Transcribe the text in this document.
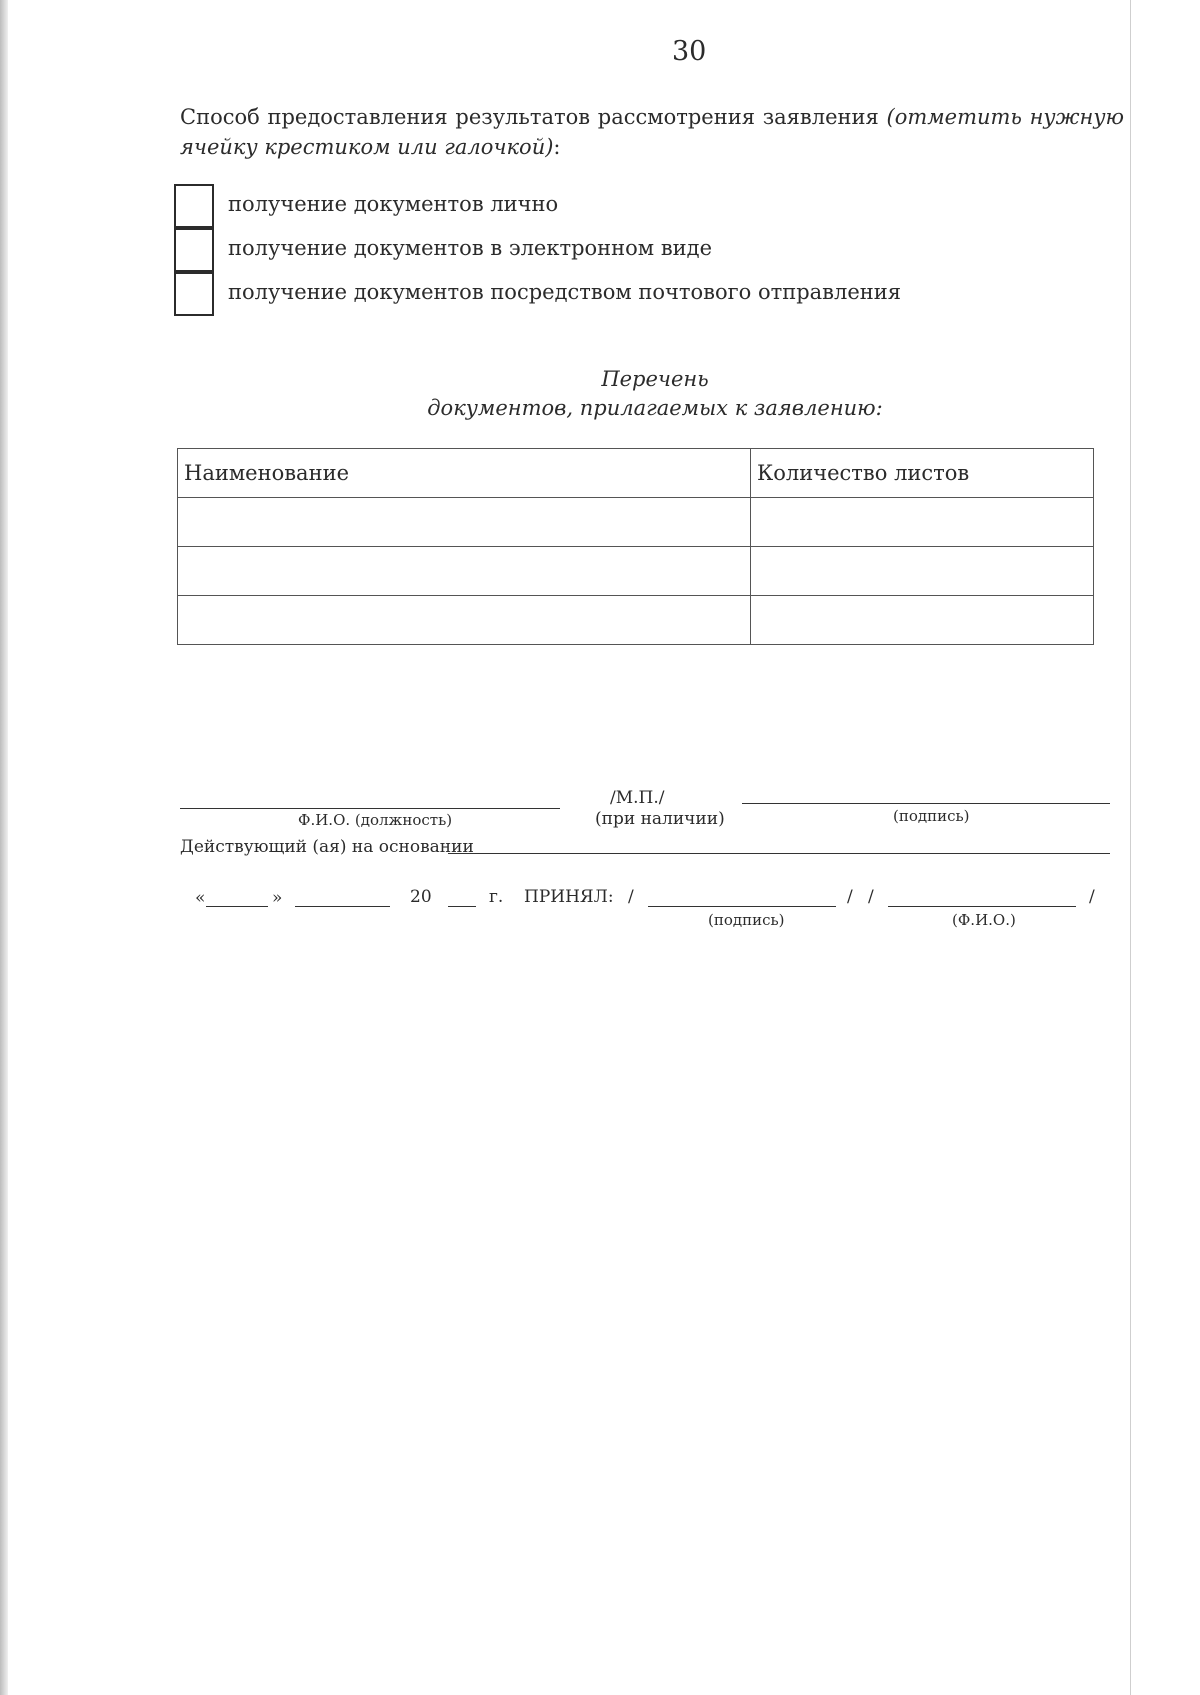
30
Способ предоставления результатов рассмотрения заявления (отметить нужную ячейку крестиком или галочкой):
получение документов лично
получение документов в электронном виде
получение документов посредством почтового отправления
Перечень
документов, прилагаемых к заявлению:
Наименование	Количество листов

Ф.И.О. (должность)
/М.П./
(при наличии)	(подпись)
Действующий (ая) на основании
«	»	20	г. ПРИНЯЛ: /	/ /	/
(подпись)	(Ф.И.О.)
